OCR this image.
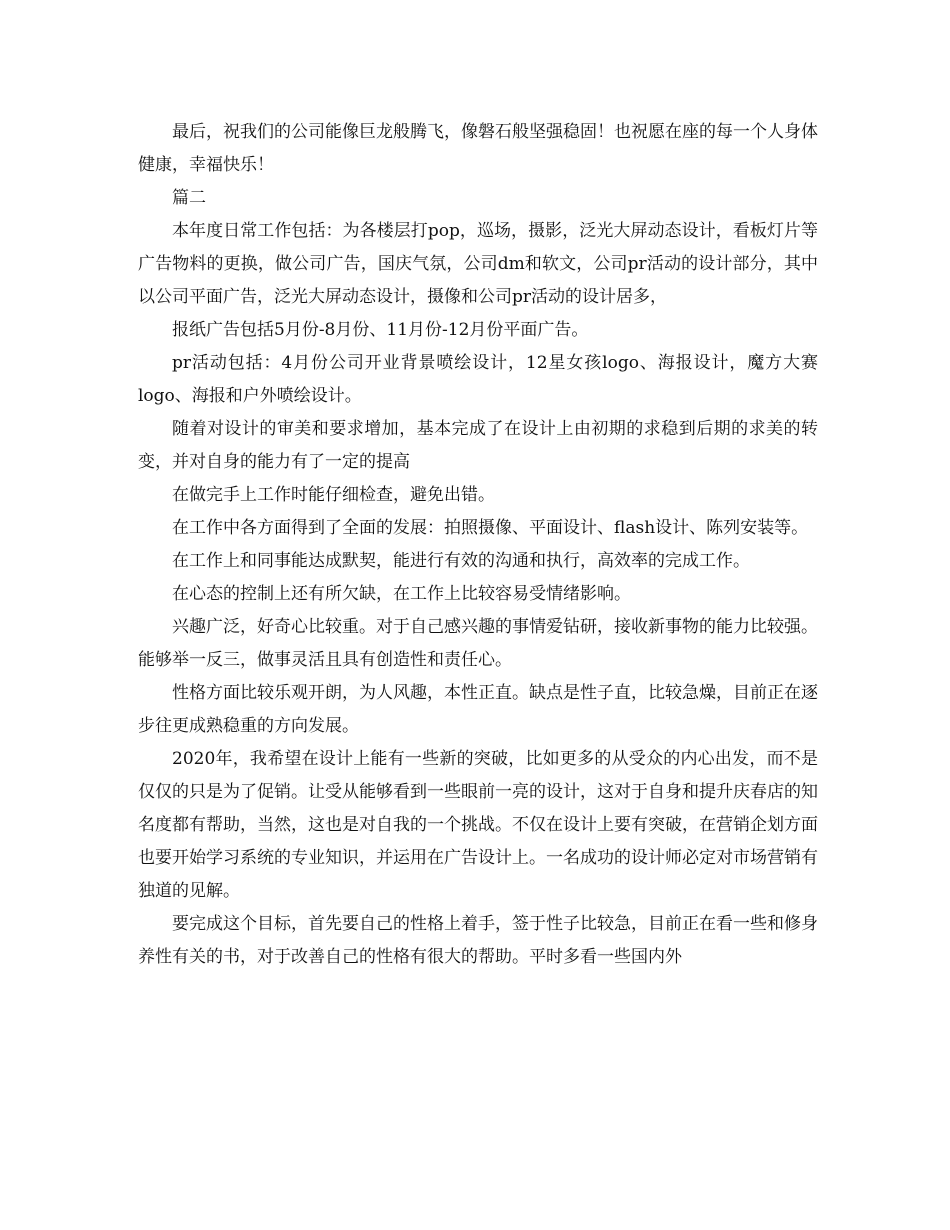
最后，祝我们的公司能像巨龙般腾飞，像磐石般坚强稳固！也祝愿在座的每一个人身体健康，幸福快乐！

篇二

本年度日常工作包括：为各楼层打pop，巡场，摄影，泛光大屏动态设计，看板灯片等广告物料的更换，做公司广告，国庆气氛，公司dm和软文，公司pr活动的设计部分，其中以公司平面广告，泛光大屏动态设计，摄像和公司pr活动的设计居多，

报纸广告包括5月份-8月份、11月份-12月份平面广告。

pr活动包括：4月份公司开业背景喷绘设计，12星女孩logo、海报设计，魔方大赛logo、海报和户外喷绘设计。

随着对设计的审美和要求增加，基本完成了在设计上由初期的求稳到后期的求美的转变，并对自身的能力有了一定的提高

在做完手上工作时能仔细检查，避免出错。

在工作中各方面得到了全面的发展：拍照摄像、平面设计、flash设计、陈列安装等。

在工作上和同事能达成默契，能进行有效的沟通和执行，高效率的完成工作。

在心态的控制上还有所欠缺，在工作上比较容易受情绪影响。

兴趣广泛，好奇心比较重。对于自己感兴趣的事情爱钻研，接收新事物的能力比较强。能够举一反三，做事灵活且具有创造性和责任心。

性格方面比较乐观开朗，为人风趣，本性正直。缺点是性子直，比较急燥，目前正在逐步往更成熟稳重的方向发展。

2020年，我希望在设计上能有一些新的突破，比如更多的从受众的内心出发，而不是仅仅的只是为了促销。让受从能够看到一些眼前一亮的设计，这对于自身和提升庆春店的知名度都有帮助，当然，这也是对自我的一个挑战。不仅在设计上要有突破，在营销企划方面也要开始学习系统的专业知识，并运用在广告设计上。一名成功的设计师必定对市场营销有独道的见解。

要完成这个目标，首先要自己的性格上着手，签于性子比较急，目前正在看一些和修身养性有关的书，对于改善自己的性格有很大的帮助。平时多看一些国内外
